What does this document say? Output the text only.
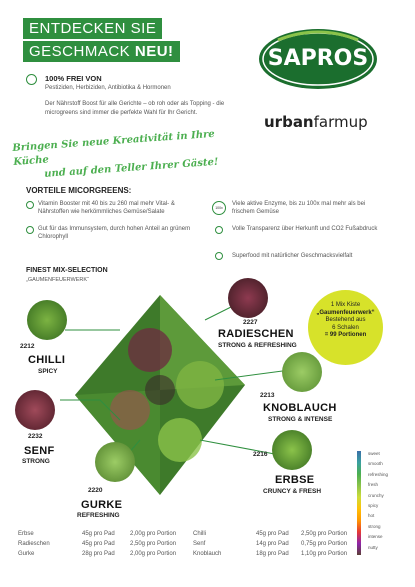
ENTDECKEN SIE
GESCHMACK NEU!	SAPROS
urbanfarmup
100% FREI VON
Pestiziden, Herbiziden, Antibiotika & Hormonen
Der Nährstoff Boost für alle Gerichte – ob roh oder als Topping - die microgreens sind immer die perfekte Wahl für Ihr Gericht.
Bringen Sie neue Kreativität in Ihre Küche
und auf den Teller Ihrer Gäste!
VORTEILE MICORGREENS:
Vitamin Booster mit 40 bis zu 260 mal mehr Vital- & Nährstoffen wie herkömmliches Gemüse/Salate
Gut für das Immunsystem, durch hohen Anteil an grünem Chlorophyll
100x
Viele aktive Enzyme, bis zu 100x mal mehr als bei frischem Gemüse
Volle Transparenz über Herkunft und CO2 Fußabdruck
Superfood mit natürlicher Geschmacksvielfalt
FINEST MIX-SELECTION
„GAUMENFEUERWERK“
1 Mix Kiste
„Gaumenfeuerwerk“
Bestehend aus
6 Schalen
= 99 Portionen
2212
CHILLI
SPICY
2227
RADIESCHEN
STRONG & REFRESHING
2213
KNOBLAUCH
STRONG & INTENSE
2232
SENF
STRONG
2216
ERBSE
CRUNCY & FRESH
2220
GURKE
REFRESHING
sweet
smooth
refreshing
fresh
crunchy
spicy
hot
strong
intense
nutty
Erbse	45g pro Pad	2,00g pro Portion	Chilli	45g pro Pad 2,50g pro Portion
Radieschen	45g pro Pad	2,50g pro Portion	Senf	14g pro Pad 0,75g pro Portion
Gurke	28g pro Pad	2,00g pro Portion	Knoblauch	18g pro Pad 1,10g pro Portion
